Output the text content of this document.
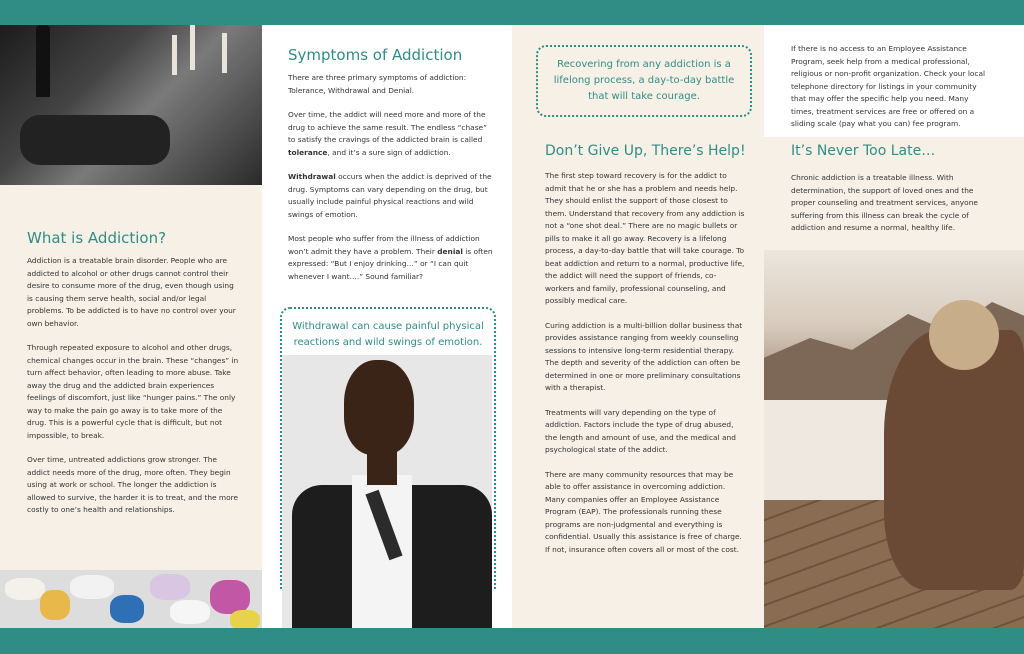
What is Addiction?

Addiction is a treatable brain disorder. People who are addicted to alcohol or other drugs cannot control their desire to consume more of the drug, even though using is causing them serve health, social and/or legal problems. To be addicted is to have no control over your own behavior.

Through repeated exposure to alcohol and other drugs, chemical changes occur in the brain. These “changes” in turn affect behavior, often leading to more abuse. Take away the drug and the addicted brain experiences feelings of discomfort, just like “hunger pains.” The only way to make the pain go away is to take more of the drug. This is a powerful cycle that is difficult, but not impossible, to break.

Over time, untreated addictions grow stronger. The addict needs more of the drug, more often. They begin using at work or school. The longer the addiction is allowed to survive, the harder it is to treat, and the more costly to one’s health and relationships.

Symptoms of Addiction

There are three primary symptoms of addiction: Tolerance, Withdrawal and Denial.

Over time, the addict will need more and more of the drug to achieve the same result. The endless “chase” to satisfy the cravings of the addicted brain is called tolerance, and it’s a sure sign of addiction.

Withdrawal occurs when the addict is deprived of the drug. Symptoms can vary depending on the drug, but usually include painful physical reactions and wild swings of emotion.

Most people who suffer from the illness of addiction won’t admit they have a problem. Their denial is often expressed: “But I enjoy drinking…” or “I can quit whenever I want….” Sound familiar?

Withdrawal can cause painful physical reactions and wild swings of emotion.
Recovering from any addiction is a lifelong process, a day-to-day battle that will take courage.
Don’t Give Up, There’s Help!

The first step toward recovery is for the addict to admit that he or she has a problem and needs help. They should enlist the support of those closest to them. Understand that recovery from any addiction is not a “one shot deal.” There are no magic bullets or pills to make it all go away. Recovery is a lifelong process, a day-to-day battle that will take courage. To beat addiction and return to a normal, productive life, the addict will need the support of friends, co-workers and family, professional counseling, and possibly medical care.

Curing addiction is a multi-billion dollar business that provides assistance ranging from weekly counseling sessions to intensive long-term residential therapy. The depth and severity of the addiction can often be determined in one or more preliminary consultations with a therapist.

Treatments will vary depending on the type of addiction. Factors include the type of drug abused, the length and amount of use, and the medical and psychological state of the addict.

There are many community resources that may be able to offer assistance in overcoming addiction. Many companies offer an Employee Assistance Program (EAP). The professionals running these programs are non-judgmental and everything is confidential. Usually this assistance is free of charge. If not, insurance often covers all or most of the cost.

If there is no access to an Employee Assistance Program, seek help from a medical professional, religious or non-profit organization. Check your local telephone directory for listings in your community that may offer the specific help you need. Many times, treatment services are free or offered on a sliding scale (pay what you can) fee program.

It’s Never Too Late…

Chronic addiction is a treatable illness. With determination, the support of loved ones and the proper counseling and treatment services, anyone suffering from this illness can break the cycle of addiction and resume a normal, healthy life.
